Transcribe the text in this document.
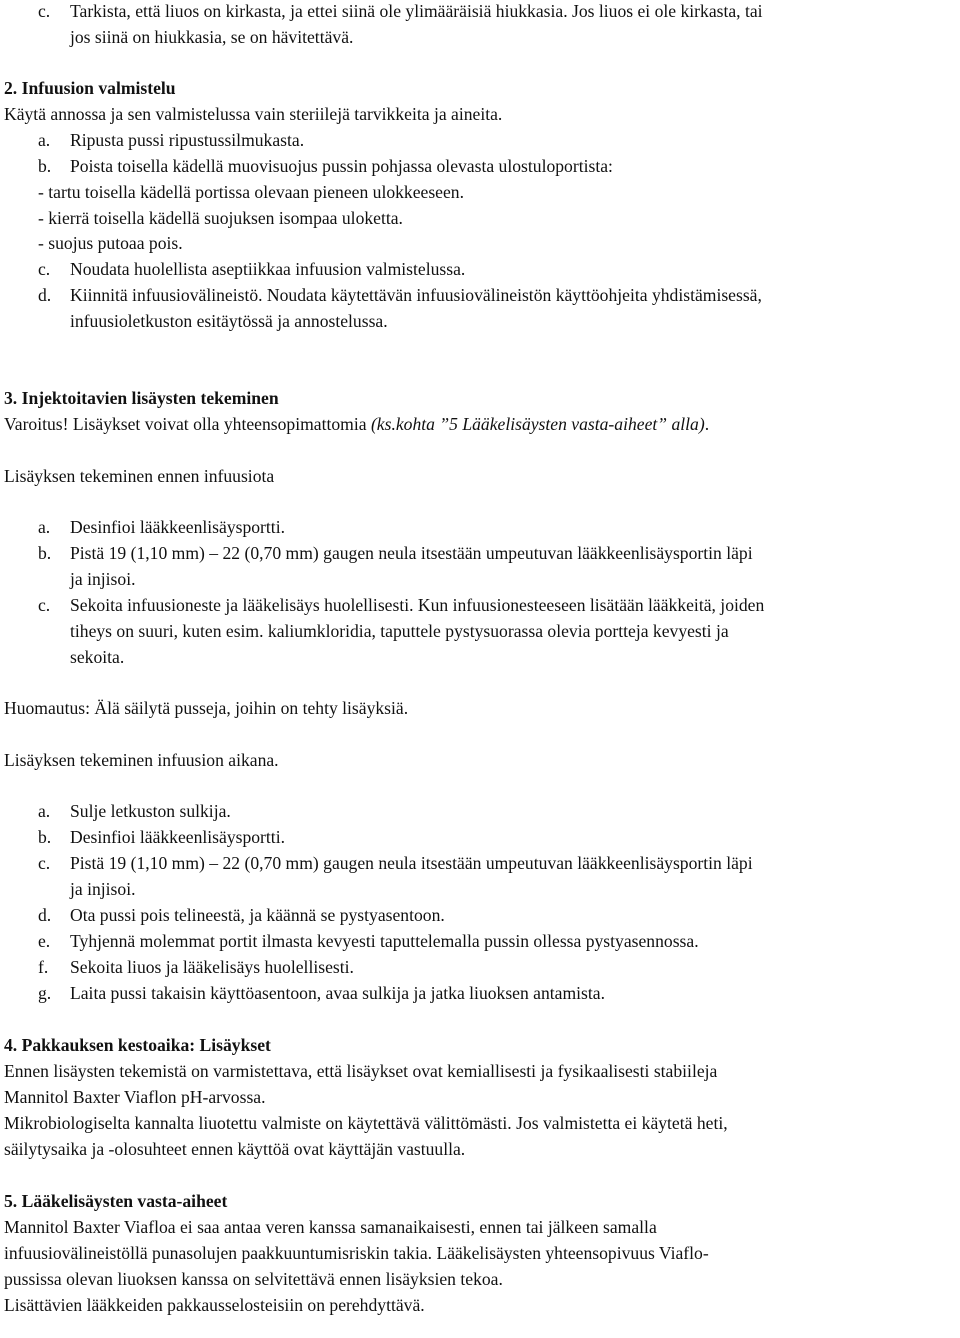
c. Tarkista, että liuos on kirkasta, ja ettei siinä ole ylimääräisiä hiukkasia. Jos liuos ei ole kirkasta, tai
jos siinä on hiukkasia, se on hävitettävä.
2. Infuusion valmistelu
Käytä annossa ja sen valmistelussa vain steriilejä tarvikkeita ja aineita.
a. Ripusta pussi ripustussilmukasta.
b. Poista toisella kädellä muovisuojus pussin pohjassa olevasta ulostuloportista:
- tartu toisella kädellä portissa olevaan pieneen ulokkeeseen.
- kierrä toisella kädellä suojuksen isompaa uloketta.
- suojus putoaa pois.
c. Noudata huolellista aseptiikkaa infuusion valmistelussa.
d. Kiinnitä infuusiovälineistö. Noudata käytettävän infuusiovälineistön käyttöohjeita yhdistämisessä,
infuusioletkuston esitäytössä ja annostelussa.
3. Injektoitavien lisäysten tekeminen
Varoitus! Lisäykset voivat olla yhteensopimattomia (ks.kohta ”5 Lääkelisäysten vasta-aiheet” alla).
Lisäyksen tekeminen ennen infuusiota
a. Desinfioi lääkkeenlisäysportti.
b. Pistä 19 (1,10 mm) – 22 (0,70 mm) gaugen neula itsestään umpeutuvan lääkkeenlisäysportin läpi
ja injisoi.
c. Sekoita infuusioneste ja lääkelisäys huolellisesti. Kun infuusionesteeseen lisätään lääkkeitä, joiden
tiheys on suuri, kuten esim. kaliumkloridia, taputtele pystysuorassa olevia portteja kevyesti ja
sekoita.
Huomautus: Älä säilytä pusseja, joihin on tehty lisäyksiä.
Lisäyksen tekeminen infuusion aikana.
a. Sulje letkuston sulkija.
b. Desinfioi lääkkeenlisäysportti.
c. Pistä 19 (1,10 mm) – 22 (0,70 mm) gaugen neula itsestään umpeutuvan lääkkeenlisäysportin läpi
ja injisoi.
d. Ota pussi pois telineestä, ja käännä se pystyasentoon.
e. Tyhjennä molemmat portit ilmasta kevyesti taputtelemalla pussin ollessa pystyasennossa.
f. Sekoita liuos ja lääkelisäys huolellisesti.
g. Laita pussi takaisin käyttöasentoon, avaa sulkija ja jatka liuoksen antamista.
4. Pakkauksen kestoaika: Lisäykset
Ennen lisäysten tekemistä on varmistettava, että lisäykset ovat kemiallisesti ja fysikaalisesti stabiileja
Mannitol Baxter Viaflon pH-arvossa.
Mikrobiologiselta kannalta liuotettu valmiste on käytettävä välittömästi. Jos valmistetta ei käytetä heti,
säilytysaika ja -olosuhteet ennen käyttöä ovat käyttäjän vastuulla.
5. Lääkelisäysten vasta-aiheet
Mannitol Baxter Viafloa ei saa antaa veren kanssa samanaikaisesti, ennen tai jälkeen samalla
infuusiovälineistöllä punasolujen paakkuuntumisriskin takia. Lääkelisäysten yhteensopivuus Viaflo-
pussissa olevan liuoksen kanssa on selvitettävä ennen lisäyksien tekoa.
Lisättävien lääkkeiden pakkausselosteisiin on perehdyttävä.
